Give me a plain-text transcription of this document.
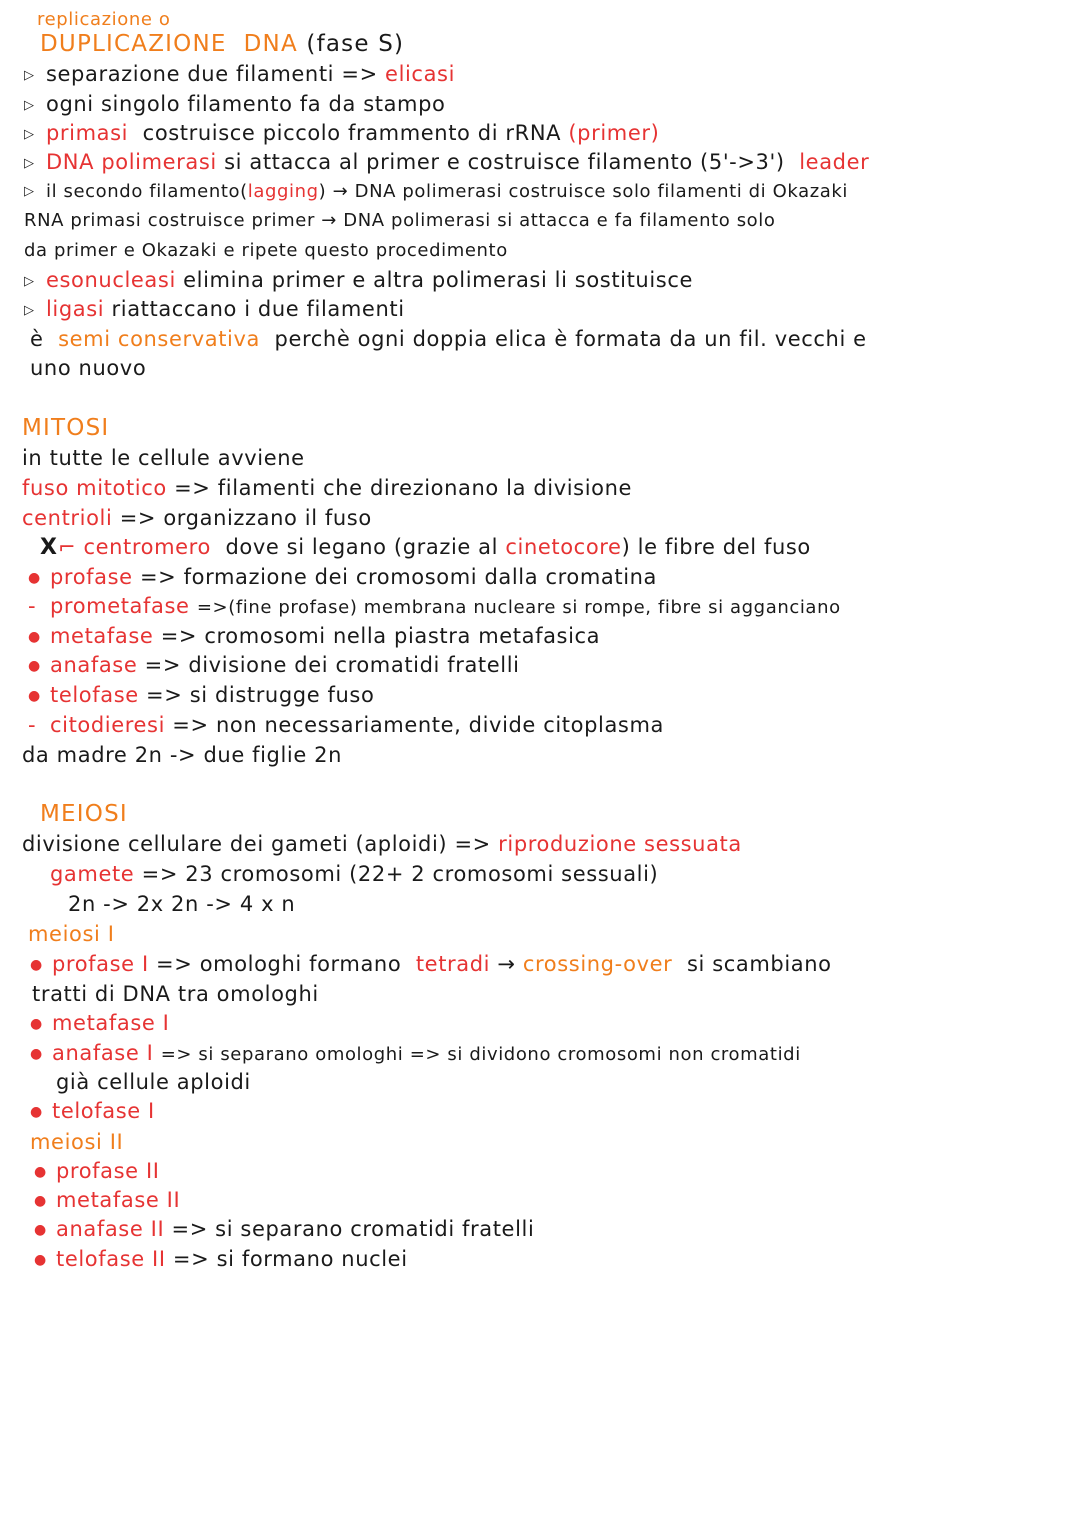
replicazione o
DUPLICAZIONE DNA (fase S)
▷ separazione due filamenti => elicasi
▷ ogni singolo filamento fa da stampo
▷ primasi costruisce piccolo frammento di rRNA (primer)
▷ DNA polimerasi si attacca al primer e costruisce filamento (5'->3') leader
▷ il secondo filamento(lagging) → DNA polimerasi costruisce solo filamenti di Okazaki
RNA primasi costruisce primer → DNA polimerasi si attacca e fa filamento solo
da primer e Okazaki e ripete questo procedimento
▷ esonucleasi elimina primer e altra polimerasi li sostituisce
▷ ligasi riattaccano i due filamenti
è semi conservativa perchè ogni doppia elica è formata da un fil. vecchi e
uno nuovo
MITOSI
in tutte le cellule avviene
fuso mitotico => filamenti che direzionano la divisione
centrioli => organizzano il fuso
X⌐ centromero dove si legano (grazie al cinetocore) le fibre del fuso
● profase => formazione dei cromosomi dalla cromatina
- prometafase =>(fine profase) membrana nucleare si rompe, fibre si agganciano
● metafase => cromosomi nella piastra metafasica
● anafase => divisione dei cromatidi fratelli
● telofase => si distrugge fuso
- citodieresi => non necessariamente, divide citoplasma
da madre 2n -> due figlie 2n
MEIOSI
divisione cellulare dei gameti (aploidi) => riproduzione sessuata
gamete => 23 cromosomi (22+ 2 cromosomi sessuali)
2n -> 2x 2n -> 4 x n
meiosi I
● profase I => omologhi formano tetradi → crossing-over si scambiano
tratti di DNA tra omologhi
● metafase I
● anafase I => si separano omologhi => si dividono cromosomi non cromatidi
già cellule aploidi
● telofase I
meiosi II
● profase II
● metafase II
● anafase II => si separano cromatidi fratelli
● telofase II => si formano nuclei
